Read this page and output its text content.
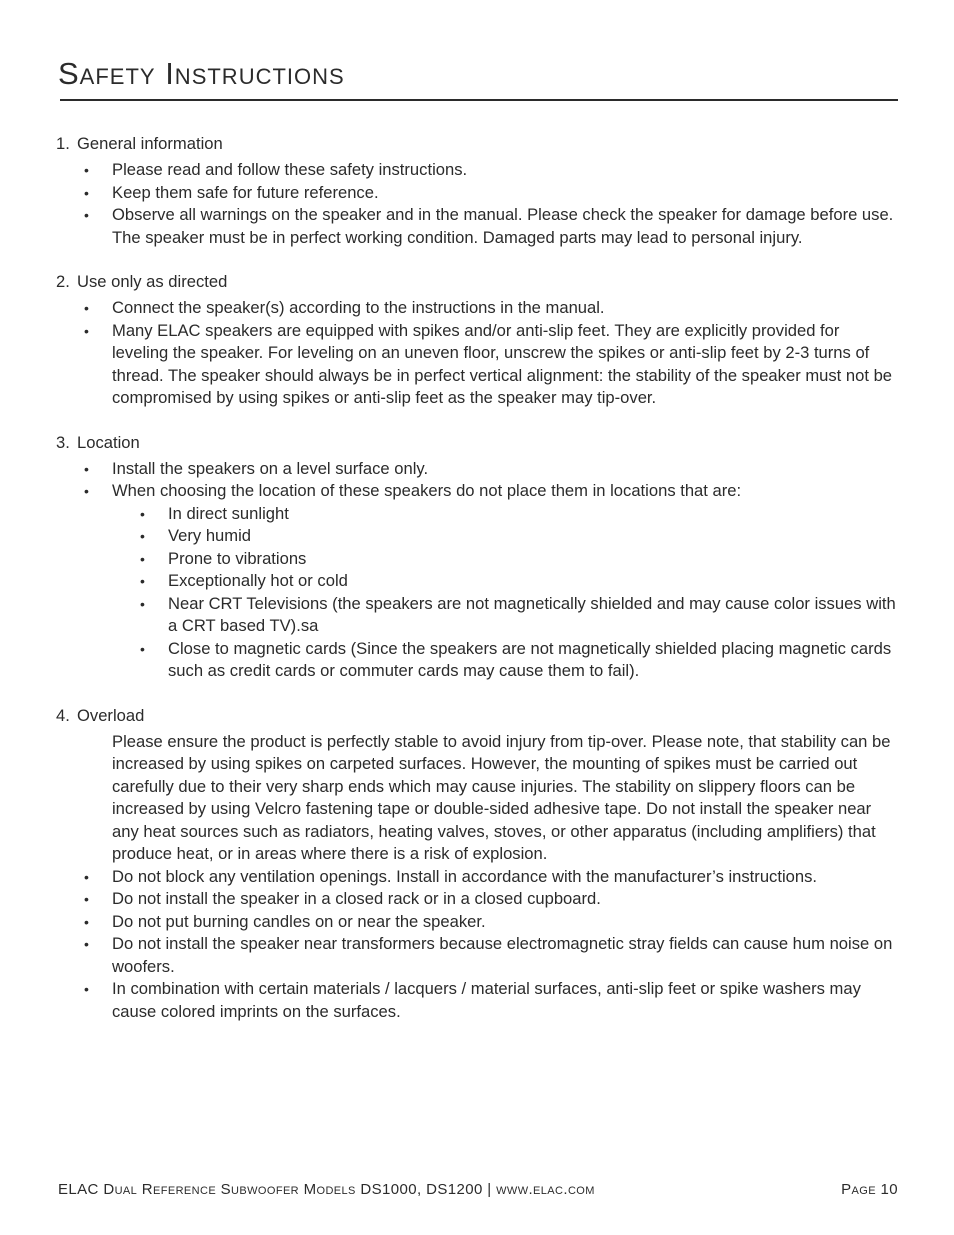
Safety Instructions
1. General information
• Please read and follow these safety instructions.
• Keep them safe for future reference.
• Observe all warnings on the speaker and in the manual. Please check the speaker for damage before use. The speaker must be in perfect working condition. Damaged parts may lead to personal injury.
2. Use only as directed
• Connect the speaker(s) according to the instructions in the manual.
• Many ELAC speakers are equipped with spikes and/or anti-slip feet. They are explicitly provided for leveling the speaker. For leveling on an uneven floor, unscrew the spikes or anti-slip feet by 2-3 turns of thread. The speaker should always be in perfect vertical alignment: the stability of the speaker must not be compromised by using spikes or anti-slip feet as the speaker may tip-over.
3. Location
• Install the speakers on a level surface only.
• When choosing the location of these speakers do not place them in locations that are:
• In direct sunlight
• Very humid
• Prone to vibrations
• Exceptionally hot or cold
• Near CRT Televisions (the speakers are not magnetically shielded and may cause color issues with a CRT based TV).sa
• Close to magnetic cards (Since the speakers are not magnetically shielded placing magnetic cards such as credit cards or commuter cards may cause them to fail).
4. Overload
Please ensure the product is perfectly stable to avoid injury from tip-over. Please note, that stability can be increased by using spikes on carpeted surfaces. However, the mounting of spikes must be carried out carefully due to their very sharp ends which may cause injuries. The stability on slippery floors can be increased by using Velcro fastening tape or double-sided adhesive tape. Do not install the speaker near any heat sources such as radiators, heating valves, stoves, or other apparatus (including amplifiers) that produce heat, or in areas where there is a risk of explosion.
• Do not block any ventilation openings. Install in accordance with the manufacturer’s instructions.
• Do not install the speaker in a closed rack or in a closed cupboard.
• Do not put burning candles on or near the speaker.
• Do not install the speaker near transformers because electromagnetic stray fields can cause hum noise on woofers.
• In combination with certain materials / lacquers / material surfaces, anti-slip feet or spike washers may cause colored imprints on the surfaces.
ELAC Dual Reference Subwoofer Models DS1000, DS1200 | www.elac.com	Page 10
